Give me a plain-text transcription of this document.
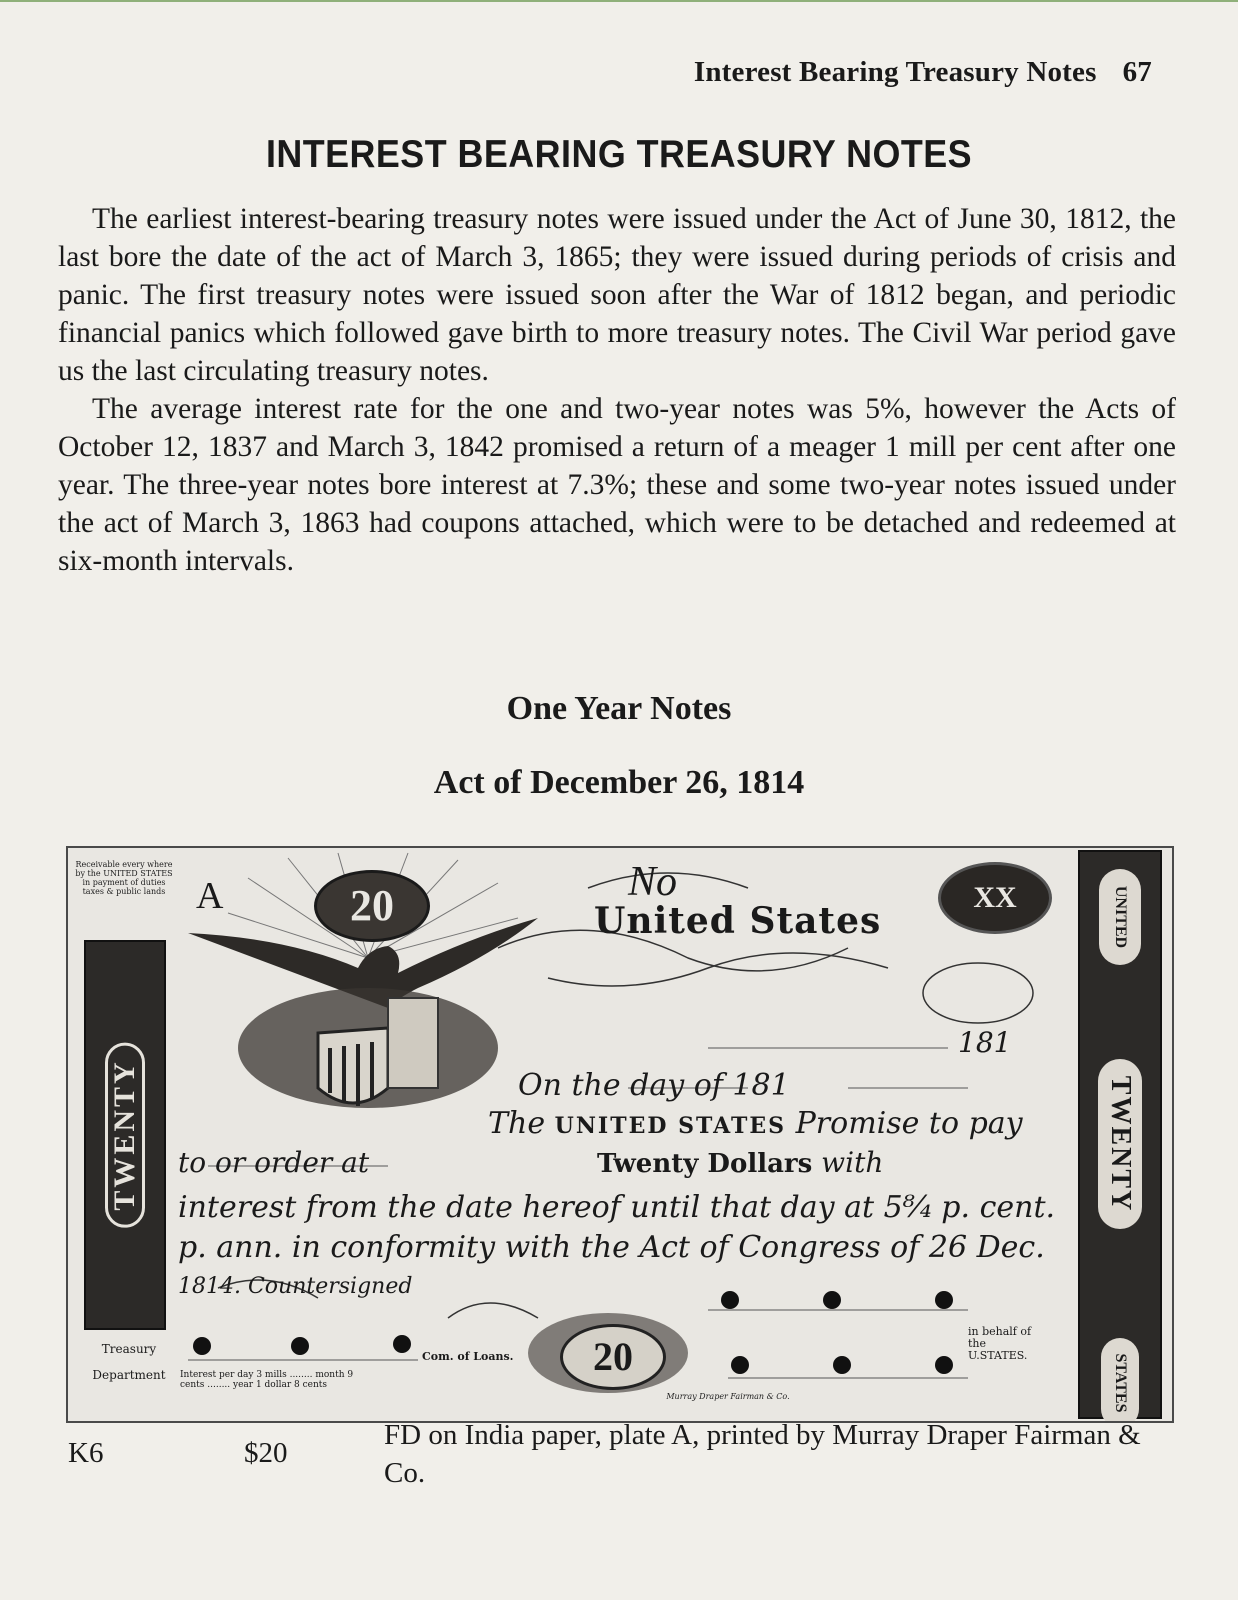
Interest Bearing Treasury Notes 67
INTEREST BEARING TREASURY NOTES

The earliest interest-bearing treasury notes were issued under the Act of June 30, 1812, the last bore the date of the act of March 3, 1865; they were issued during periods of crisis and panic. The first treasury notes were issued soon after the War of 1812 began, and periodic financial panics which followed gave birth to more treasury notes. The Civil War period gave us the last circulating treasury notes.

The average interest rate for the one and two-year notes was 5%, however the Acts of October 12, 1837 and March 3, 1842 promised a return of a meager 1 mill per cent after one year. The three-year notes bore interest at 7.3%; these and some two-year notes issued under the act of March 3, 1863 had coupons attached, which were to be detached and redeemed at six-month intervals.

One Year Notes
Act of December 26, 1814
Receivable every where by the UNITED STATES in payment of duties taxes & public lands
TWENTY
A	20	No
United States
XX	UNITED
TWENTY
STATES
181
On the day of 181
The UNITED STATES Promise to pay
to or order at	Twenty Dollars with
interest from the date hereof until that day at 5⁸⁄₄ p. cent.
p. ann. in conformity with the Act of Congress of 26 Dec.
1814. Countersigned
in behalf of the U.STATES.
Com. of Loans.
Treasury
Department	Interest per day 3 mills ........ month 9 cents ........ year 1 dollar 8 cents
20
Murray Draper Fairman & Co.
K6	$20
FD on India paper, plate A, printed by Murray Draper Fairman & Co.
